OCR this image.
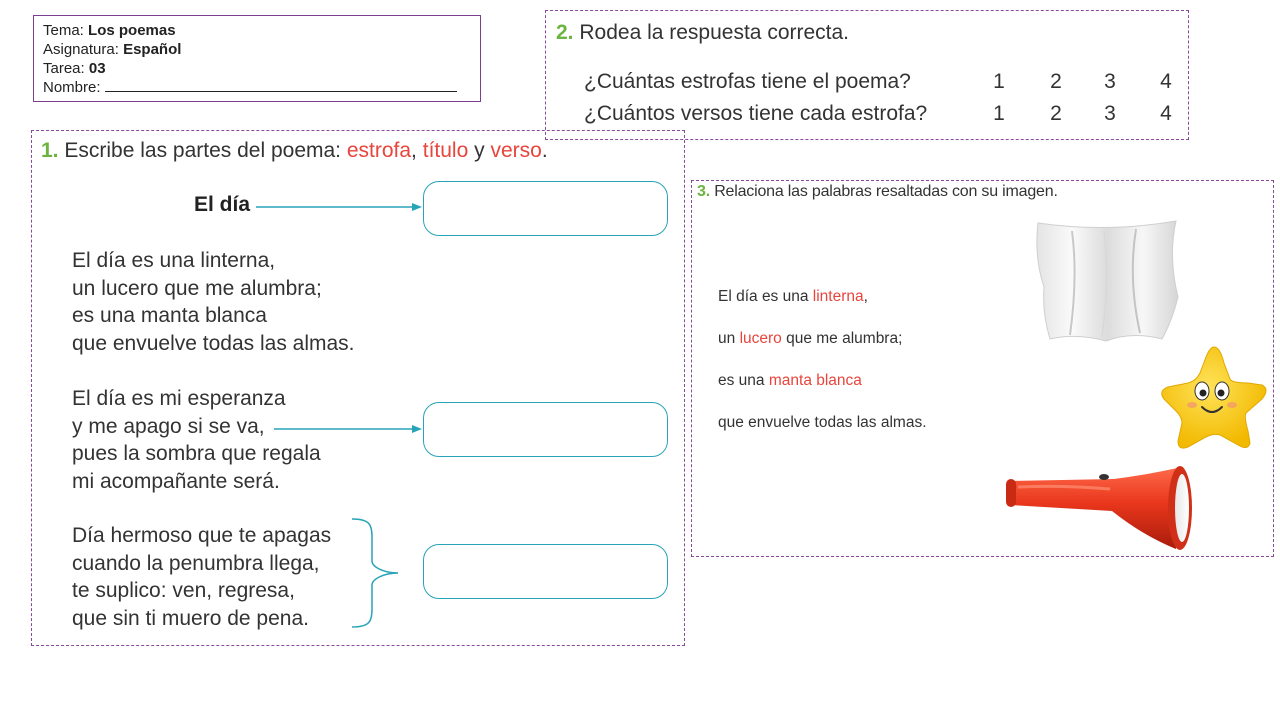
Tema: Los poemas
Asignatura: Español
Tarea: 03
Nombre:
2. Rodea la respuesta correcta.
¿Cuántas estrofas tiene el poema?	1 2 3 4
¿Cuántos versos tiene cada estrofa?	1 2 3 4
1. Escribe las partes del poema: estrofa, título y verso.
El día
El día es una linterna,
un lucero que me alumbra;
es una manta blanca
que envuelve todas las almas.
El día es mi esperanza
y me apago si se va,
pues la sombra que regala
mi acompañante será.
Día hermoso que te apagas
cuando la penumbra llega,
te suplico: ven, regresa,
que sin ti muero de pena.
3. Relaciona las palabras resaltadas con su imagen.
El día es una linterna,
un lucero que me alumbra;
es una manta blanca
que envuelve todas las almas.
